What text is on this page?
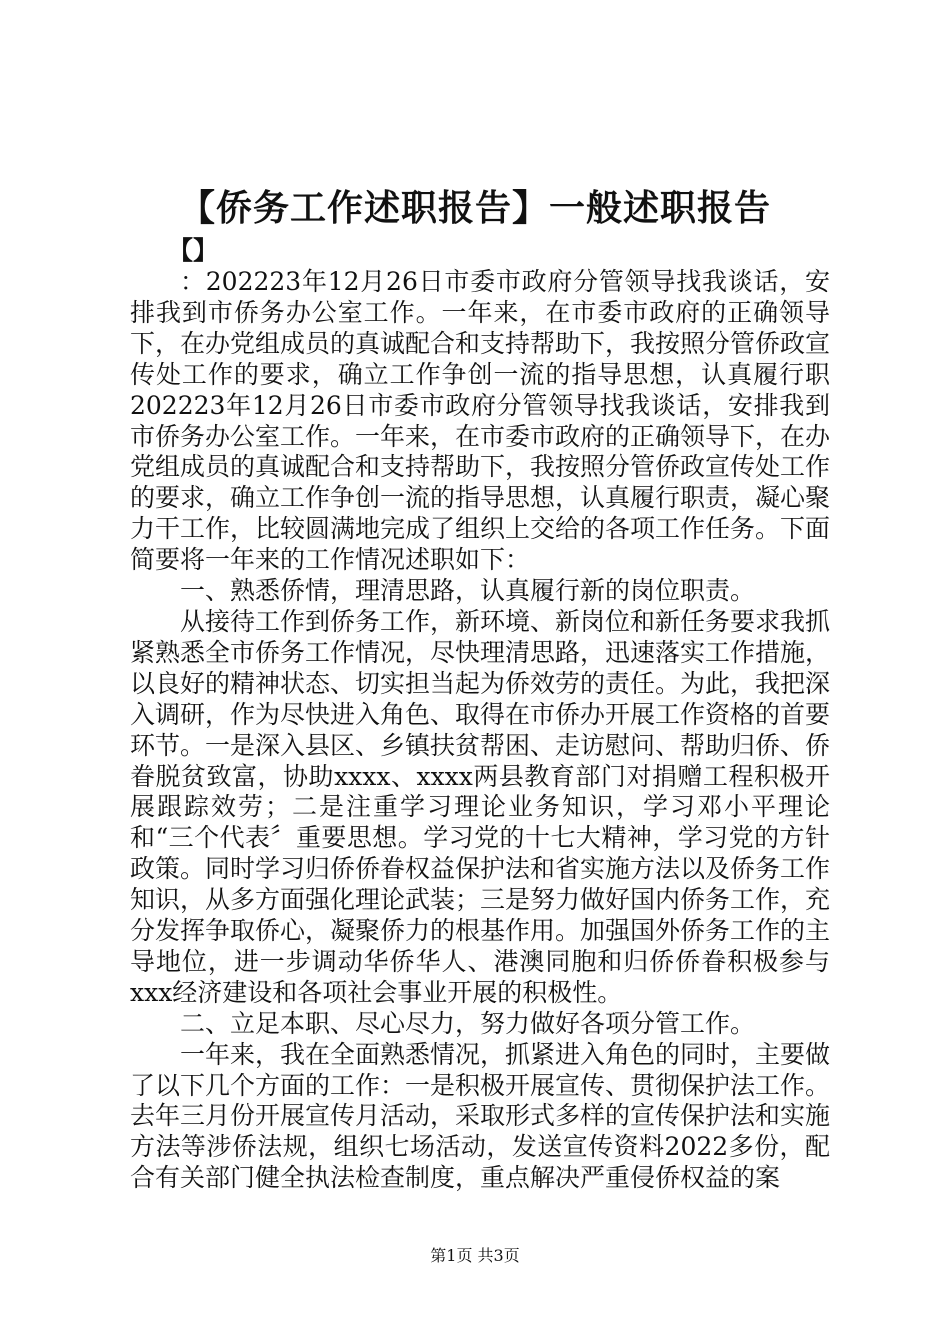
【侨务工作述职报告】一般述职报告
【】

：202223年12月26日市委市政府分管领导找我谈话，安排我到市侨务办公室工作。一年来，在市委市政府的正确领导下，在办党组成员的真诚配合和支持帮助下，我按照分管侨政宣传处工作的要求，确立工作争创一流的指导思想，认真履行职202223年12月26日市委市政府分管领导找我谈话，安排我到市侨务办公室工作。一年来，在市委市政府的正确领导下，在办党组成员的真诚配合和支持帮助下，我按照分管侨政宣传处工作的要求，确立工作争创一流的指导思想，认真履行职责，凝心聚力干工作，比较圆满地完成了组织上交给的各项工作任务。下面简要将一年来的工作情况述职如下：

一、熟悉侨情，理清思路，认真履行新的岗位职责。

从接待工作到侨务工作，新环境、新岗位和新任务要求我抓紧熟悉全市侨务工作情况，尽快理清思路，迅速落实工作措施，以良好的精神状态、切实担当起为侨效劳的责任。为此，我把深入调研，作为尽快进入角色、取得在市侨办开展工作资格的首要环节。一是深入县区、乡镇扶贫帮困、走访慰问、帮助归侨、侨眷脱贫致富，协助xxxx、xxxx两县教育部门对捐赠工程积极开展跟踪效劳；二是注重学习理论业务知识，学习邓小平理论和“三个代表〞重要思想。学习党的十七大精神，学习党的方针政策。同时学习归侨侨眷权益保护法和省实施方法以及侨务工作知识，从多方面强化理论武装；三是努力做好国内侨务工作，充分发挥争取侨心，凝聚侨力的根基作用。加强国外侨务工作的主导地位，进一步调动华侨华人、港澳同胞和归侨侨眷积极参与xxx经济建设和各项社会事业开展的积极性。

二、立足本职、尽心尽力，努力做好各项分管工作。

一年来，我在全面熟悉情况，抓紧进入角色的同时，主要做了以下几个方面的工作：一是积极开展宣传、贯彻保护法工作。去年三月份开展宣传月活动，采取形式多样的宣传保护法和实施方法等涉侨法规，组织七场活动，发送宣传资料2022多份，配合有关部门健全执法检查制度，重点解决严重侵侨权益的案

第1页 共3页
